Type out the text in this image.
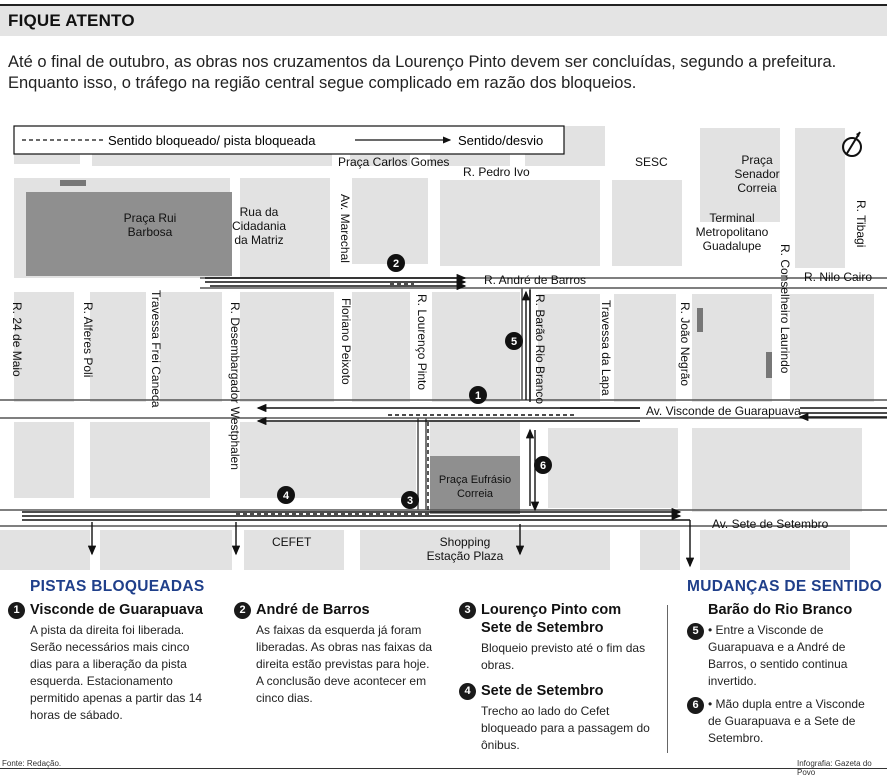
FIQUE ATENTO
Até o final de outubro, as obras nos cruzamentos da Lourenço Pinto devem ser concluídas, segundo a prefeitura. Enquanto isso, o tráfego na região central segue complicado em razão dos bloqueios.
Sentido bloqueado/ pista bloqueada	Sentido/desvio
Praça Carlos Gomes
R. Pedro Ivo
SESC	Praça
Senador
Correia
Praça Rui
Barbosa
Rua da
Cidadania
da Matriz
Terminal
Metropolitano
Guadalupe
R. Nilo Cairo
R. André de Barros
Av. Visconde de Guarapuava
Av. Sete de Setembro
Praça Eufrásio
Correia
CEFET	Shopping
Estação Plaza
Av. Marechal	R. Tibagi
R. Conselheiro Laurindo
R. 24 de Maio	R. Alferes Poli	Travessa Frei Caneca	R. Desembargador Westphalen	Floriano Peixoto	R. Lourenço Pinto	R. Barão Rio Branco	Travessa da Lapa	R. João Negrão
1
2
3
4
5
6
PISTAS BLOQUEADAS	MUDANÇAS DE SENTIDO
1 Visconde de Guarapuava
A pista da direita foi liberada. Serão necessários mais cinco dias para a liberação da pista esquerda. Estacionamento permitido apenas a partir das 14 horas de sábado.
2 André de Barros
As faixas da esquerda já foram liberadas. As obras nas faixas da direita estão previstas para hoje. A conclusão deve acontecer em cinco dias.
3 Lourenço Pinto com Sete de Setembro
Bloqueio previsto até o fim das obras.
4 Sete de Setembro
Trecho ao lado do Cefet bloqueado para a passagem do ônibus.
Barão do Rio Branco
5 • Entre a Visconde de Guarapuava e a André de Barros, o sentido continua invertido.
6 • Mão dupla entre a Visconde de Guarapuava e a Sete de Setembro.
Fonte: Redação.	Infografia: Gazeta do Povo
